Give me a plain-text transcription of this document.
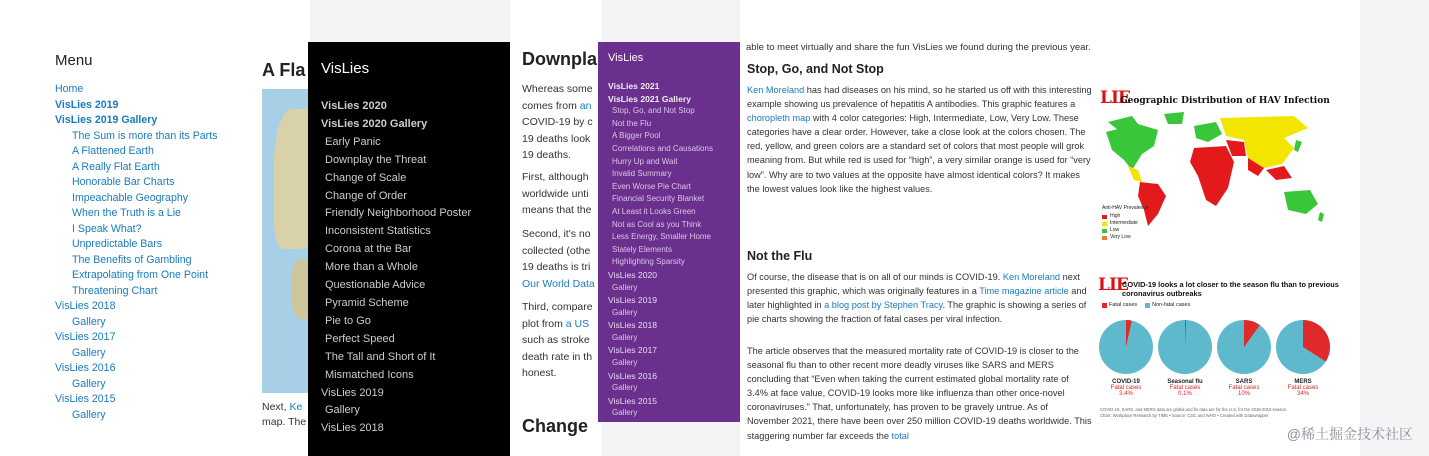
Menu
Home
VisLies 2019
VisLies 2019 Gallery
The Sum is more than its Parts
A Flattened Earth
A Really Flat Earth
Honorable Bar Charts
Impeachable Geography
When the Truth is a Lie
I Speak What?
Unpredictable Bars
The Benefits of Gambling
Extrapolating from One Point
Threatening Chart
VisLies 2018
Gallery
VisLies 2017
Gallery
VisLies 2016
Gallery
VisLies 2015
Gallery
A Fla
Next, Ke
map. The
VisLies
VisLies 2020
VisLies 2020 Gallery
Early Panic
Downplay the Threat
Change of Scale
Change of Order
Friendly Neighborhood Poster
Inconsistent Statistics
Corona at the Bar
More than a Whole
Questionable Advice
Pyramid Scheme
Pie to Go
Perfect Speed
The Tall and Short of It
Mismatched Icons
VisLies 2019
Gallery
VisLies 2018
Downpla
Whereas some
comes from an
COVID-19 by c
19 deaths look
19 deaths.
First, although
worldwide unti
means that the
Second, it's no
collected (othe
19 deaths is tri
Our World Data
Third, compare
plot from a US
such as stroke
death rate in th
honest.
Change
VisLies
VisLies 2021
VisLies 2021 Gallery
Stop, Go, and Not Stop
Not the Flu
A Bigger Pool
Correlations and Causations
Hurry Up and Wait
Invalid Summary
Even Worse Pie Chart
Financial Security Blanket
At Least it Looks Green
Not as Cool as you Think
Less Energy, Smaller Home
Stately Elements
Highlighting Sparsity
VisLies 2020
Gallery
VisLies 2019
Gallery
VisLies 2018
Gallery
VisLies 2017
Gallery
VisLies 2016
Gallery
VisLies 2015
Gallery
able to meet virtually and share the fun VisLies we found during the previous year.
Stop, Go, and Not Stop
Ken Moreland has had diseases on his mind, so he started us off with this interesting example showing us prevalence of hepatitis A antibodies. This graphic features a choropleth map with 4 color categories: High, Intermediate, Low, Very Low. These categories have a clear order. However, take a close look at the colors chosen. The red, yellow, and green colors are a standard set of colors that most people will grok meaning from. But while red is used for “high”, a very similar orange is used for “very low”. Why are to two values at the opposite have almost identical colors? It makes the lowest values look like the highest values.
Not the Flu
Of course, the disease that is on all of our minds is COVID-19. Ken Moreland next presented this graphic, which was originally features in a Time magazine article and later highlighted in a blog post by Stephen Tracy. The graphic is showing a series of pie charts showing the fraction of fatal cases per viral infection.
The article observes that the measured mortality rate of COVID-19 is closer to the seasonal flu than to other recent more deadly viruses like SARS and MERS concluding that “Even when taking the current estimated global mortality rate of 3.4% at face value, COVID-19 looks more like influenza than other once-novel coronaviruses.” That, unfortunately, has proven to be gravely untrue. As of November 2021, there have been over 250 million COVID-19 deaths worldwide. This staggering number far exceeds the total
LIE
Geographic Distribution of HAV Infection
Anti-HAV Prevalence
High
Intermediate
Low
Very Low
LIE
COVID-19 looks a lot closer to the season flu than to previous
coronavirus outbreaks
Fatal cases	Non-fatal cases
COVID-19
Fatal cases
3.4%
Seasonal flu
Fatal cases
0.1%
SARS
Fatal cases
10%
MERS
Fatal cases
34%
COVID-19, SARS, and MERS data are global and flu data are for the U.S. for the 2018-2019 season.
Chart: Workplace Research by TIME • Source: CDC and WHO • Created with Datawrapper
@稀土掘金技术社区
